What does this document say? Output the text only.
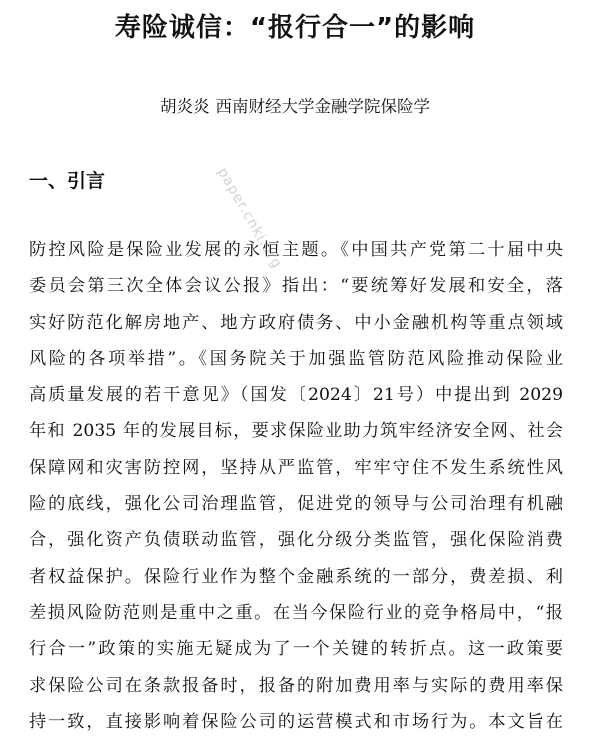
寿险诚信：“报行合一”的影响
胡炎炎 西南财经大学金融学院保险学
一、引言	paper.cnki.org
防控风险是保险业发展的永恒主题。《中国共产党第二十届中央
委员会第三次全体会议公报》指出：“要统筹好发展和安全，落
实好防范化解房地产、地方政府债务、中小金融机构等重点领域
风险的各项举措”。《国务院关于加强监管防范风险推动保险业
高质量发展的若干意见》（国发〔2024〕21号）中提出到 2029
年和 2035 年的发展目标，要求保险业助力筑牢经济安全网、社会
保障网和灾害防控网，坚持从严监管，牢牢守住不发生系统性风
险的底线，强化公司治理监管，促进党的领导与公司治理有机融
合，强化资产负债联动监管，强化分级分类监管，强化保险消费
者权益保护。保险行业作为整个金融系统的一部分，费差损、利
差损风险防范则是重中之重。在当今保险行业的竞争格局中，“报
行合一”政策的实施无疑成为了一个关键的转折点。这一政策要
求保险公司在条款报备时，报备的附加费用率与实际的费用率保
持一致，直接影响着保险公司的运营模式和市场行为。本文旨在
